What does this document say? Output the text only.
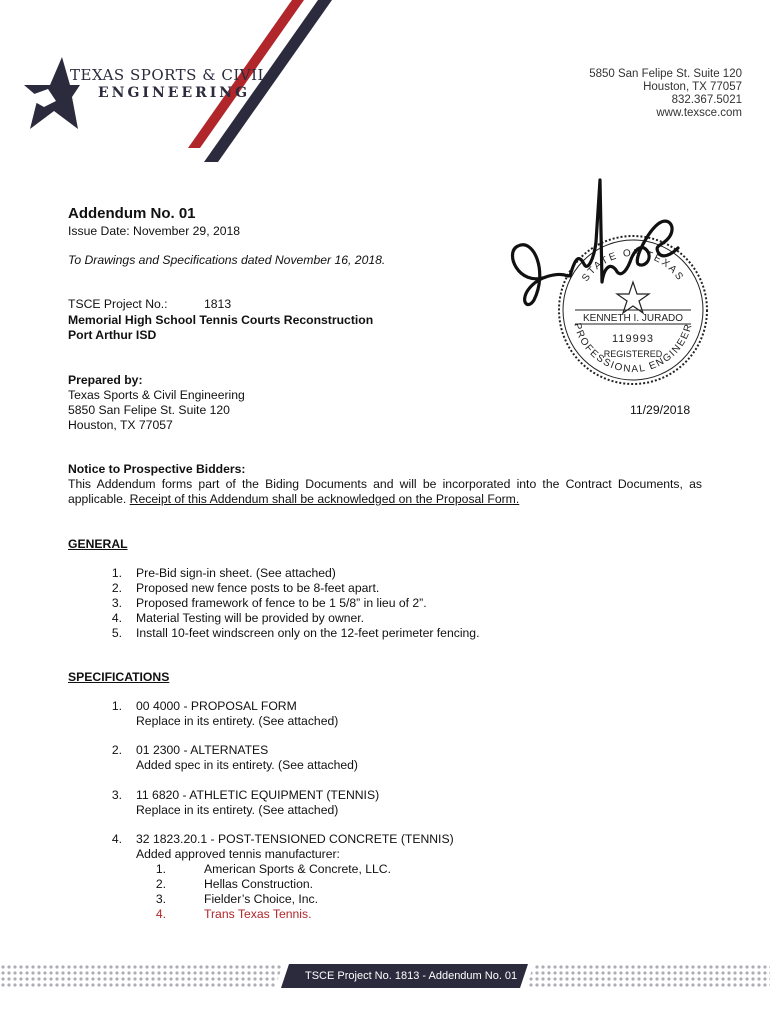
TEXAS SPORTS & CIVIL
ENGINEERING
5850 San Felipe St. Suite 120
Houston, TX 77057
832.367.5021
www.texsce.com
Addendum No. 01
Issue Date: November 29, 2018
To Drawings and Specifications dated November 16, 2018.
TSCE Project No.:	1813
Memorial High School Tennis Courts Reconstruction
Port Arthur ISD
STATE OF TEXAS
PROFESSIONAL ENGINEER
KENNETH I. JURADO
119993
REGISTERED
Prepared by:
Texas Sports & Civil Engineering
5850 San Felipe St. Suite 120
Houston, TX 77057
11/29/2018
Notice to Prospective Bidders:
This Addendum forms part of the Biding Documents and will be incorporated into the Contract Documents, as
applicable. Receipt of this Addendum shall be acknowledged on the Proposal Form.
GENERAL
1. Pre-Bid sign-in sheet. (See attached)
2. Proposed new fence posts to be 8-feet apart.
3. Proposed framework of fence to be 1 5/8” in lieu of 2”.
4. Material Testing will be provided by owner.
5. Install 10-feet windscreen only on the 12-feet perimeter fencing.
SPECIFICATIONS
1. 00 4000 - PROPOSAL FORM
Replace in its entirety. (See attached)
2. 01 2300 - ALTERNATES
Added spec in its entirety. (See attached)
3. 11 6820 - ATHLETIC EQUIPMENT (TENNIS)
Replace in its entirety. (See attached)
4. 32 1823.20.1 - POST-TENSIONED CONCRETE (TENNIS)
Added approved tennis manufacturer:
1.	American Sports & Concrete, LLC.
2.	Hellas Construction.
3.	Fielder’s Choice, Inc.
4.	Trans Texas Tennis.
TSCE Project No. 1813 - Addendum No. 01
